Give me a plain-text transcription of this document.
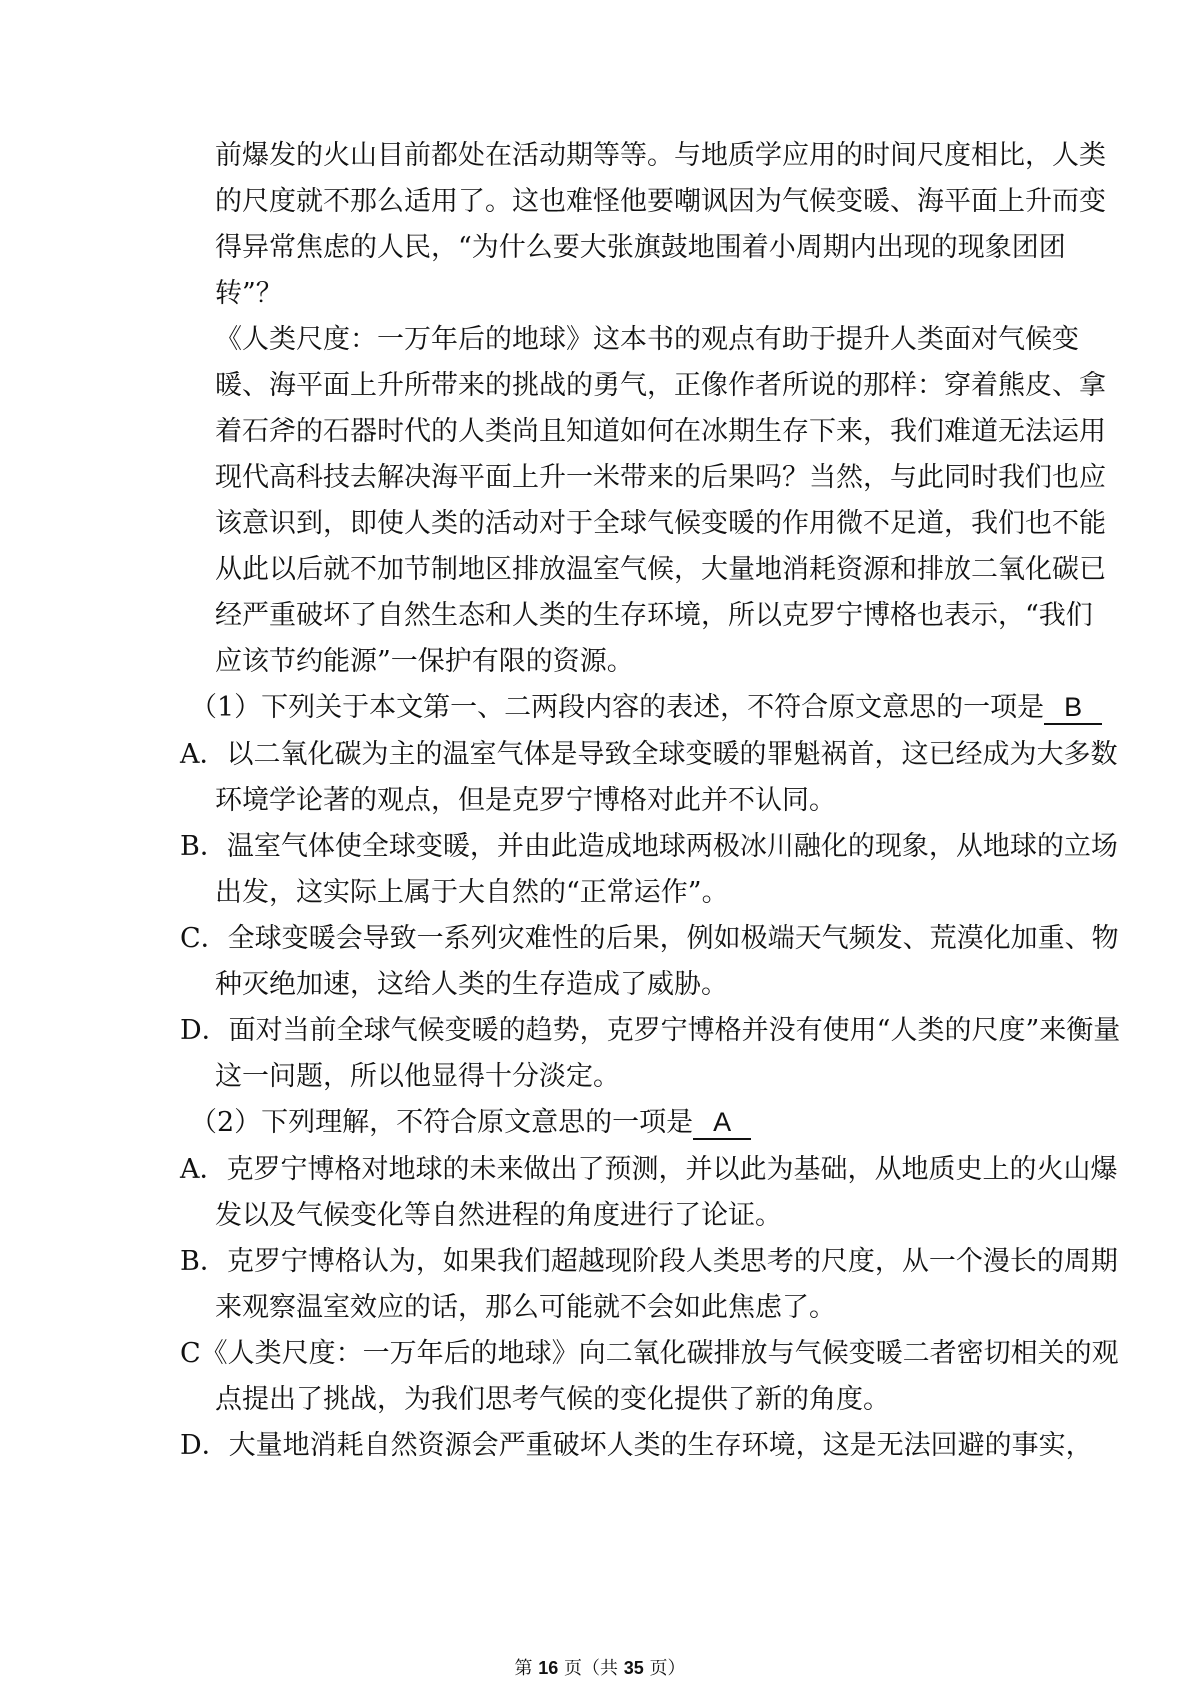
前爆发的火山目前都处在活动期等等。与地质学应用的时间尺度相比，人类
的尺度就不那么适用了。这也难怪他要嘲讽因为气候变暖、海平面上升而变
得异常焦虑的人民，“为什么要大张旗鼓地围着小周期内出现的现象团团
转”？
《人类尺度：一万年后的地球》这本书的观点有助于提升人类面对气候变
暖、海平面上升所带来的挑战的勇气，正像作者所说的那样：穿着熊皮、拿
着石斧的石器时代的人类尚且知道如何在冰期生存下来，我们难道无法运用
现代高科技去解决海平面上升一米带来的后果吗？当然，与此同时我们也应
该意识到，即使人类的活动对于全球气候变暖的作用微不足道，我们也不能
从此以后就不加节制地区排放温室气候，大量地消耗资源和排放二氧化碳已
经严重破坏了自然生态和人类的生存环境，所以克罗宁博格也表示，“我们
应该节约能源”一保护有限的资源。
（1）下列关于本文第一、二两段内容的表述，不符合原文意思的一项是 B
A．以二氧化碳为主的温室气体是导致全球变暖的罪魁祸首，这已经成为大多数
环境学论著的观点，但是克罗宁博格对此并不认同。
B．温室气体使全球变暖，并由此造成地球两极冰川融化的现象，从地球的立场
出发，这实际上属于大自然的“正常运作”。
C．全球变暖会导致一系列灾难性的后果，例如极端天气频发、荒漠化加重、物
种灭绝加速，这给人类的生存造成了威胁。
D．面对当前全球气候变暖的趋势，克罗宁博格并没有使用“人类的尺度”来衡量
这一问题，所以他显得十分淡定。
（2）下列理解，不符合原文意思的一项是 A
A．克罗宁博格对地球的未来做出了预测，并以此为基础，从地质史上的火山爆
发以及气候变化等自然进程的角度进行了论证。
B．克罗宁博格认为，如果我们超越现阶段人类思考的尺度，从一个漫长的周期
来观察温室效应的话，那么可能就不会如此焦虑了。
C《人类尺度：一万年后的地球》向二氧化碳排放与气候变暖二者密切相关的观
点提出了挑战，为我们思考气候的变化提供了新的角度。
D．大量地消耗自然资源会严重破坏人类的生存环境，这是无法回避的事实，
第 16 页（共 35 页）
